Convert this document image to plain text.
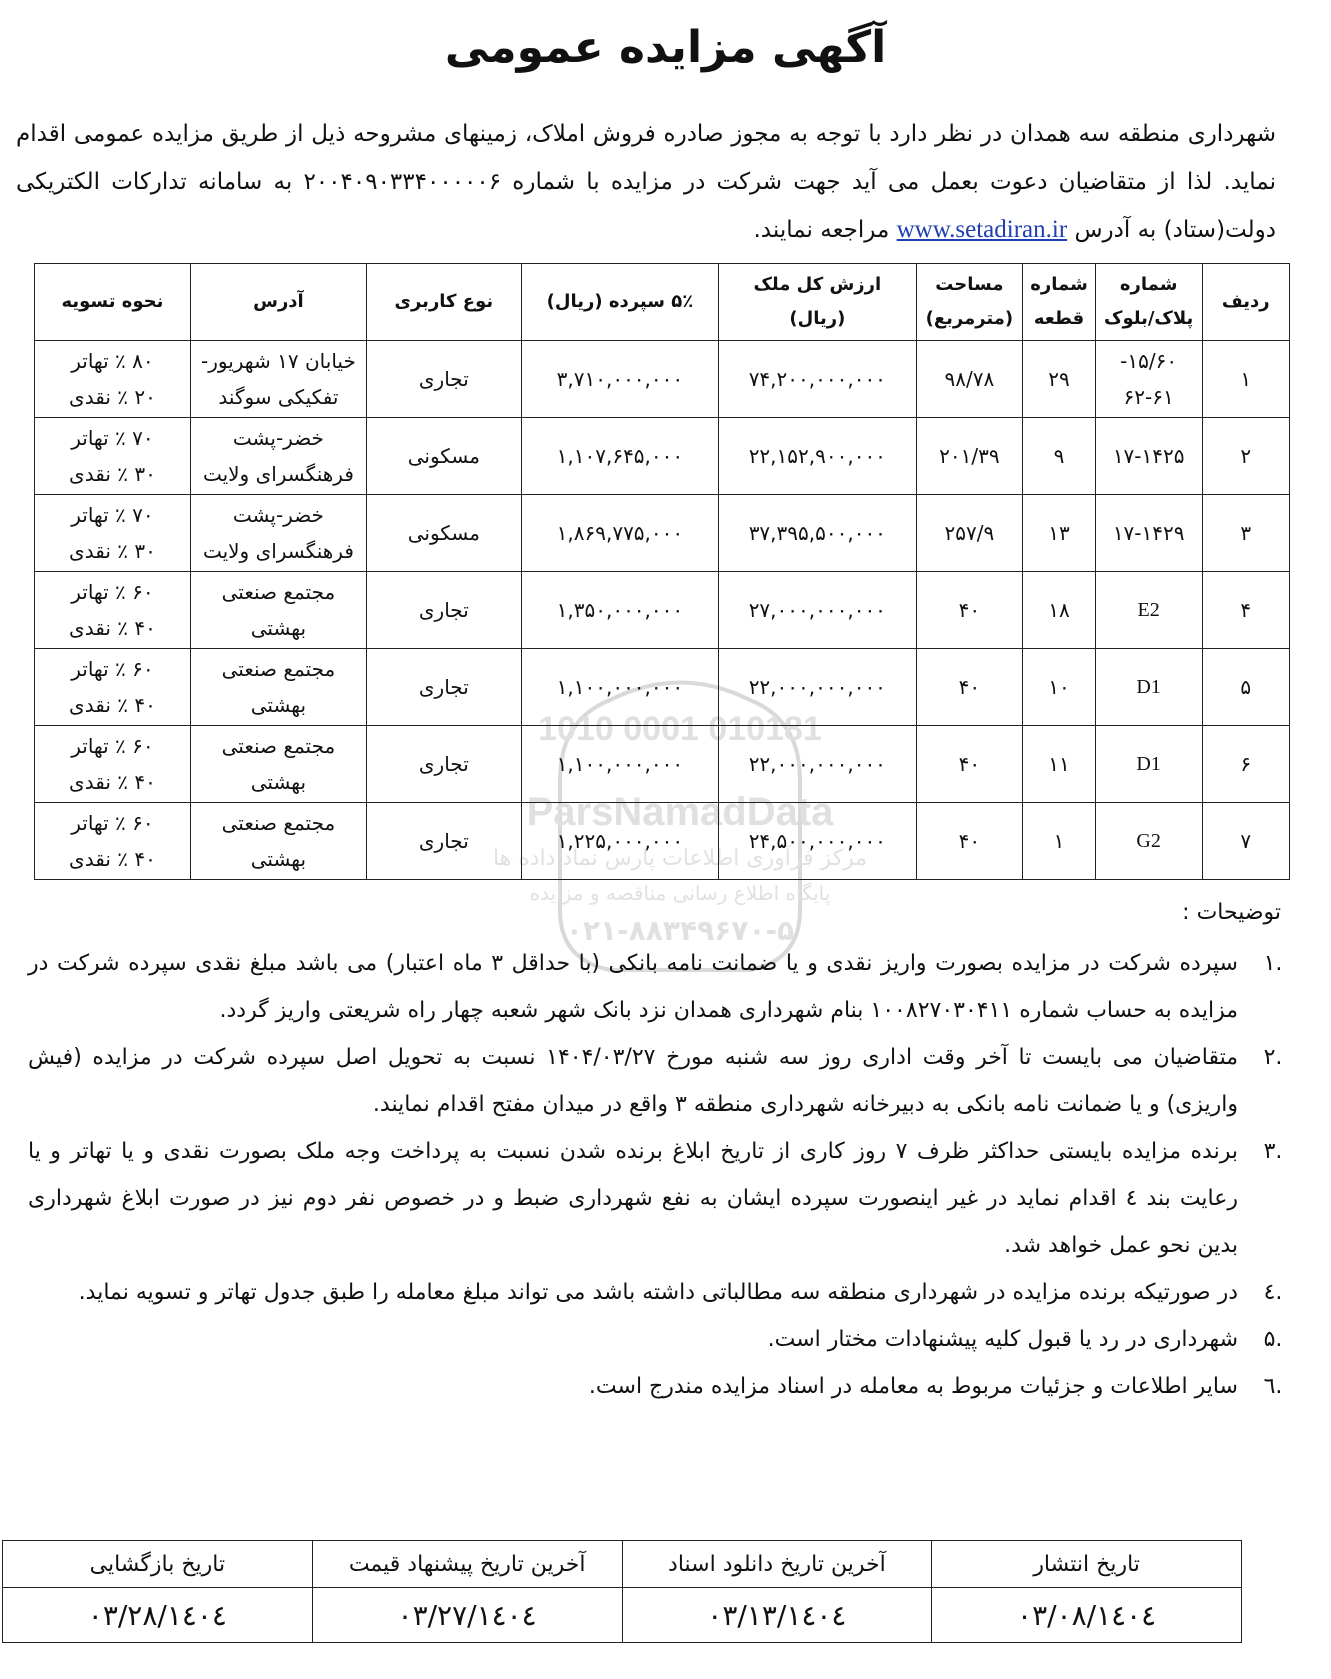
آگهی مزایده عمومی
شهرداری منطقه سه همدان در نظر دارد با توجه به مجوز صادره فروش املاک، زمینهای مشروحه ذیل از طریق مزایده عمومی اقدام نماید. لذا از متقاضیان دعوت بعمل می آید جهت شرکت در مزایده با شماره ۲۰۰۴۰۹۰۳۳۴۰۰۰۰۰۶ به سامانه تدارکات الکتریکی دولت(ستاد) به آدرس www.setadiran.ir مراجعه نمایند.
010181 0001 1010
ParsNamadData
مرکز فرآوری اطلاعات پارس نماد داده ها
پایگاه اطلاع رسانی مناقصه و مزایده
۰۲۱-۸۸۳۴۹۶۷۰-۵
ردیف	شماره پلاک/بلوک	شماره قطعه	مساحت (مترمربع)	ارزش کل ملک (ریال)	۵٪ سپرده (ریال)	نوع کاربری	آدرس	نحوه تسویه
۱	۱۵/۶۰- ۶۲-۶۱	۲۹	۹۸/۷۸	۷۴,۲۰۰,۰۰۰,۰۰۰	۳,۷۱۰,۰۰۰,۰۰۰	تجاری	خیابان ۱۷ شهریور- تفکیکی سوگند	۸۰ ٪ تهاتر
۲۰ ٪ نقدی

۲	۱۷-۱۴۲۵	۹	۲۰۱/۳۹	۲۲,۱۵۲,۹۰۰,۰۰۰	۱,۱۰۷,۶۴۵,۰۰۰	مسکونی	خضر-پشت فرهنگسرای ولایت	۷۰ ٪ تهاتر
۳۰ ٪ نقدی

۳	۱۷-۱۴۲۹	۱۳	۲۵۷/۹	۳۷,۳۹۵,۵۰۰,۰۰۰	۱,۸۶۹,۷۷۵,۰۰۰	مسکونی	خضر-پشت فرهنگسرای ولایت	۷۰ ٪ تهاتر
۳۰ ٪ نقدی

۴	E2	۱۸	۴۰	۲۷,۰۰۰,۰۰۰,۰۰۰	۱,۳۵۰,۰۰۰,۰۰۰	تجاری	مجتمع صنعتی بهشتی	۶۰ ٪ تهاتر
۴۰ ٪ نقدی

۵	D1	۱۰	۴۰	۲۲,۰۰۰,۰۰۰,۰۰۰	۱,۱۰۰,۰۰۰,۰۰۰	تجاری	مجتمع صنعتی بهشتی	۶۰ ٪ تهاتر
۴۰ ٪ نقدی

۶	D1	۱۱	۴۰	۲۲,۰۰۰,۰۰۰,۰۰۰	۱,۱۰۰,۰۰۰,۰۰۰	تجاری	مجتمع صنعتی بهشتی	۶۰ ٪ تهاتر
۴۰ ٪ نقدی

۷	G2	۱	۴۰	۲۴,۵۰۰,۰۰۰,۰۰۰	۱,۲۲۵,۰۰۰,۰۰۰	تجاری	مجتمع صنعتی بهشتی	۶۰ ٪ تهاتر
۴۰ ٪ نقدی
توضیحات :
.۱
سپرده شرکت در مزایده بصورت واریز نقدی و یا ضمانت نامه بانکی (با حداقل ۳ ماه اعتبار) می باشد مبلغ نقدی سپرده شرکت در مزایده به حساب شماره ۱۰۰۸۲۷۰۳۰۴۱۱ بنام شهرداری همدان نزد بانک شهر شعبه چهار راه شریعتی واریز گردد.
.۲
متقاضیان می بایست تا آخر وقت اداری روز سه شنبه مورخ ۱۴۰۴/۰۳/۲۷ نسبت به تحویل اصل سپرده شرکت در مزایده (فیش واریزی) و یا ضمانت نامه بانکی به دبیرخانه شهرداری منطقه ۳ واقع در میدان مفتح اقدام نمایند.
.۳
برنده مزایده بایستی حداکثر ظرف ۷ روز کاری از تاریخ ابلاغ برنده شدن نسبت به پرداخت وجه ملک بصورت نقدی و یا تهاتر و یا رعایت بند ٤ اقدام نماید در غیر اینصورت سپرده ایشان به نفع شهرداری ضبط و در خصوص نفر دوم نیز در صورت ابلاغ شهرداری بدین نحو عمل خواهد شد.
.٤
در صورتیکه برنده مزایده در شهرداری منطقه سه مطالباتی داشته باشد می تواند مبلغ معامله را طبق جدول تهاتر و تسویه نماید.
.۵
شهرداری در رد یا قبول کلیه پیشنهادات مختار است.
.٦
سایر اطلاعات و جزئیات مربوط به معامله در اسناد مزایده مندرج است.
تاریخ انتشار	آخرین تاریخ دانلود اسناد	آخرین تاریخ پیشنهاد قیمت	تاریخ بازگشایی
۱٤۰٤/۰۳/۰۸	۱٤۰٤/۰۳/۱۳	۱٤۰٤/۰۳/۲۷	۱٤۰٤/۰۳/۲۸
